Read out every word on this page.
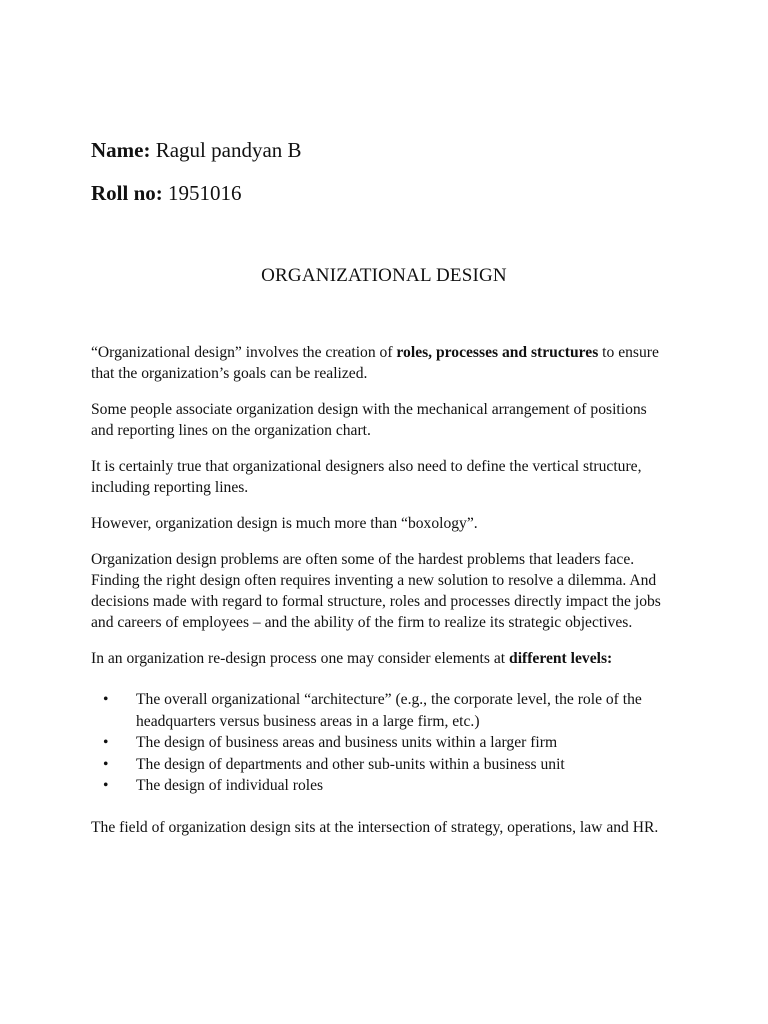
Name: Ragul pandyan B
Roll no: 1951016
ORGANIZATIONAL DESIGN

“Organizational design” involves the creation of roles, processes and structures to ensure that the organization’s goals can be realized.

Some people associate organization design with the mechanical arrangement of positions and reporting lines on the organization chart.

It is certainly true that organizational designers also need to define the vertical structure, including reporting lines.

However, organization design is much more than “boxology”.

Organization design problems are often some of the hardest problems that leaders face. Finding the right design often requires inventing a new solution to resolve a dilemma. And decisions made with regard to formal structure, roles and processes directly impact the jobs and careers of employees – and the ability of the firm to realize its strategic objectives.

In an organization re-design process one may consider elements at different levels:

• The overall organizational “architecture” (e.g., the corporate level, the role of the headquarters versus business areas in a large firm, etc.)
• The design of business areas and business units within a larger firm
• The design of departments and other sub-units within a business unit
• The design of individual roles

The field of organization design sits at the intersection of strategy, operations, law and HR.
